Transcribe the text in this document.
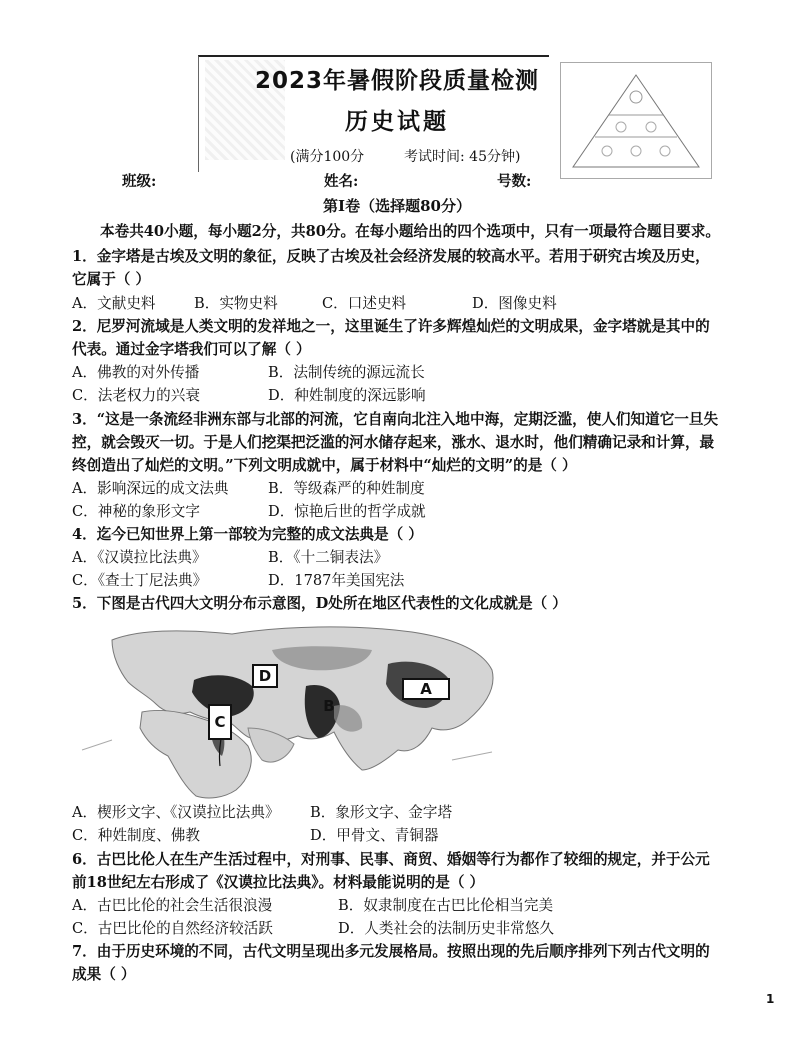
2023年暑假阶段质量检测
历史试题
(满分100分	考试时间: 45分钟)
班级:	姓名:	号数:
第Ⅰ卷（选择题80分）
本卷共40小题，每小题2分，共80分。在每小题给出的四个选项中，只有一项最符合题目要求。
1．金字塔是古埃及文明的象征，反映了古埃及社会经济发展的较高水平。若用于研究古埃及历史，
它属于（ ）
A．文献史料	B．实物史料	C．口述史料	D．图像史料
2．尼罗河流域是人类文明的发祥地之一，这里诞生了许多辉煌灿烂的文明成果，金字塔就是其中的
代表。通过金字塔我们可以了解（ ）
A．佛教的对外传播	B．法制传统的源远流长
C．法老权力的兴衰	D．种姓制度的深远影响
3．“这是一条流经非洲东部与北部的河流，它自南向北注入地中海，定期泛滥，使人们知道它一旦失
控，就会毁灭一切。于是人们挖渠把泛滥的河水储存起来，涨水、退水时，他们精确记录和计算，最
终创造出了灿烂的文明。”下列文明成就中，属于材料中“灿烂的文明”的是（ ）
A．影响深远的成文法典	B．等级森严的种姓制度
C．神秘的象形文字	D．惊艳后世的哲学成就
4．迄今已知世界上第一部较为完整的成文法典是（ ）
A．《汉谟拉比法典》	B．《十二铜表法》
C．《查士丁尼法典》	D．1787年美国宪法
5．下图是古代四大文明分布示意图，D处所在地区代表性的文化成就是（ ）
D
B
A
C
A．楔形文字、《汉谟拉比法典》 B．象形文字、金字塔
C．种姓制度、佛教	D．甲骨文、青铜器
6．古巴比伦人在生产生活过程中，对刑事、民事、商贸、婚姻等行为都作了较细的规定，并于公元
前18世纪左右形成了《汉谟拉比法典》。材料最能说明的是（ ）
A．古巴比伦的社会生活很浪漫	B．奴隶制度在古巴比伦相当完美
C．古巴比伦的自然经济较活跃	D．人类社会的法制历史非常悠久
7．由于历史环境的不同，古代文明呈现出多元发展格局。按照出现的先后顺序排列下列古代文明的
成果（ ）
1
